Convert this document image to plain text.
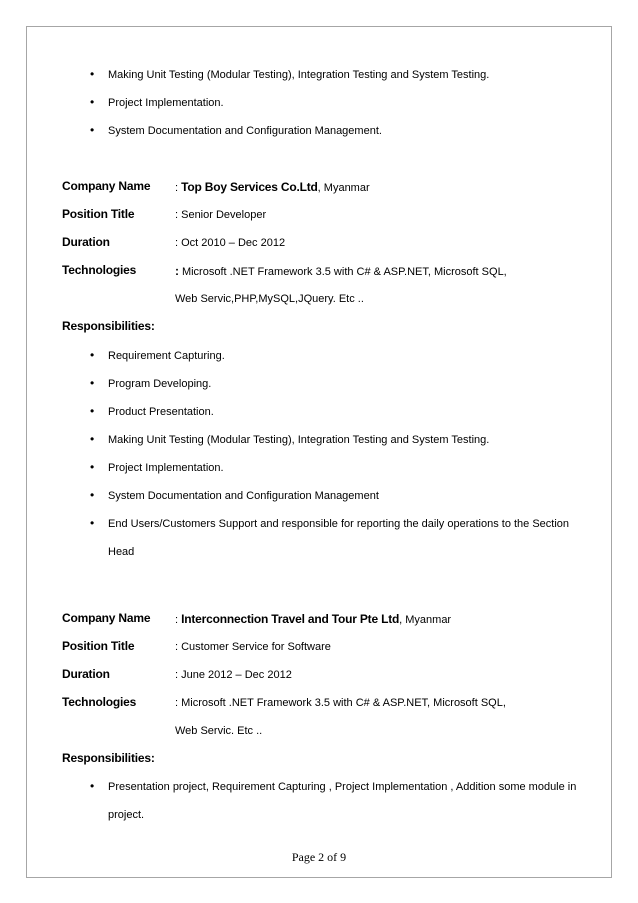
• Making Unit Testing (Modular Testing), Integration Testing and System Testing.
• Project Implementation.
• System Documentation and Configuration Management.
Company Name : Top Boy Services Co.Ltd, Myanmar
Position Title	: Senior Developer
Duration	: Oct 2010 – Dec 2012
Technologies	: Microsoft .NET Framework 3.5 with C# & ASP.NET, Microsoft SQL,
Web Servic,PHP,MySQL,JQuery. Etc ..
Responsibilities:
• Requirement Capturing.
• Program Developing.
• Product Presentation.
• Making Unit Testing (Modular Testing), Integration Testing and System Testing.
• Project Implementation.
• System Documentation and Configuration Management
• End Users/Customers Support and responsible for reporting the daily operations to the Section
Head
Company Name : Interconnection Travel and Tour Pte Ltd, Myanmar
Position Title	: Customer Service for Software
Duration	: June 2012 – Dec 2012
Technologies	: Microsoft .NET Framework 3.5 with C# & ASP.NET, Microsoft SQL,
Web Servic. Etc ..
Responsibilities:
• Presentation project, Requirement Capturing , Project Implementation , Addition some module in
project.
Page 2 of 9
